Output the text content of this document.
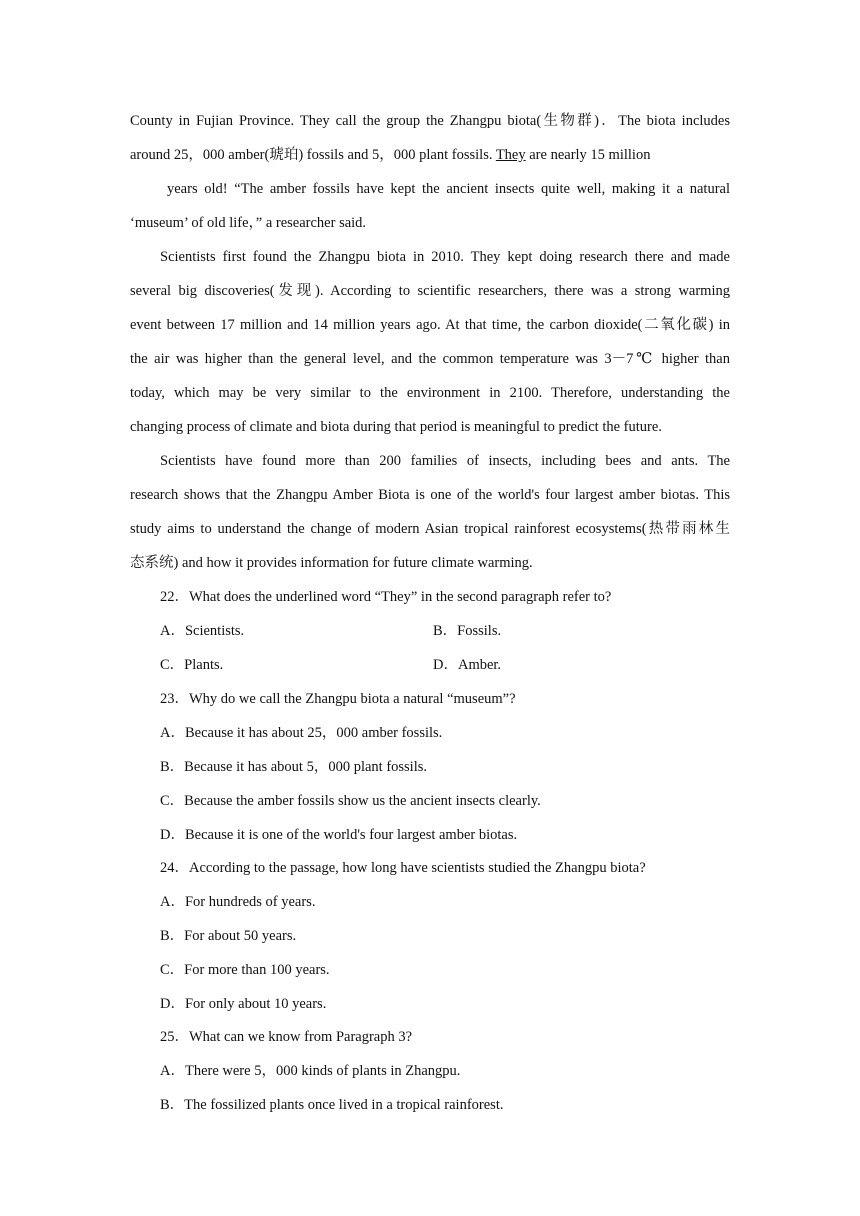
County in Fujian Province. They call the group the Zhangpu biota(生物群)．The biota includes
around 25，000 amber(琥珀) fossils and 5，000 plant fossils. They are nearly 15 million
years old! “The amber fossils have kept the ancient insects quite well, making it a natural
‘museum’ of old life，” a researcher said.
Scientists first found the Zhangpu biota in 2010. They kept doing research there and made
several big discoveries(发现). According to scientific researchers, there was a strong warming
event between 17 million and 14 million years ago. At that time, the carbon dioxide(二氧化碳) in
the air was higher than the general level, and the common temperature was 3－7℃ higher than
today, which may be very similar to the environment in 2100. Therefore, understanding the
changing process of climate and biota during that period is meaningful to predict the future.
Scientists have found more than 200 families of insects, including bees and ants. The
research shows that the Zhangpu Amber Biota is one of the world's four largest amber biotas. This
study aims to understand the change of modern Asian tropical rainforest ecosystems(热带雨林生
态系统) and how it provides information for future climate warming.
22．What does the underlined word “They” in the second paragraph refer to?
A．Scientists.	B．Fossils.
C．Plants.	D．Amber.
23．Why do we call the Zhangpu biota a natural “museum”?
A．Because it has about 25，000 amber fossils.
B．Because it has about 5，000 plant fossils.
C．Because the amber fossils show us the ancient insects clearly.
D．Because it is one of the world's four largest amber biotas.
24．According to the passage, how long have scientists studied the Zhangpu biota?
A．For hundreds of years.
B．For about 50 years.
C．For more than 100 years.
D．For only about 10 years.
25．What can we know from Paragraph 3?
A．There were 5，000 kinds of plants in Zhangpu.
B．The fossilized plants once lived in a tropical rainforest.
